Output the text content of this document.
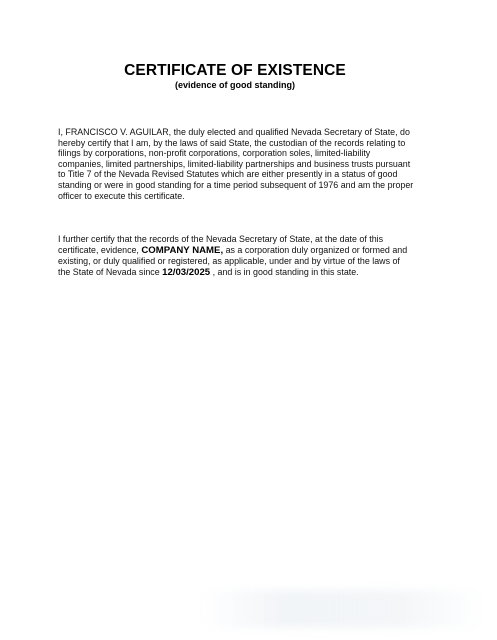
CERTIFICATE OF EXISTENCE
(evidence of good standing)

I, FRANCISCO V. AGUILAR, the duly elected and qualified Nevada Secretary of State, do hereby certify that I am, by the laws of said State, the custodian of the records relating to filings by corporations, non-profit corporations, corporation soles, limited-liability companies, limited partnerships, limited-liability partnerships and business trusts pursuant to Title 7 of the Nevada Revised Statutes which are either presently in a status of good standing or were in good standing for a time period subsequent of 1976 and am the proper officer to execute this certificate.

I further certify that the records of the Nevada Secretary of State, at the date of this certificate, evidence, COMPANY NAME, as a corporation duly organized or formed and existing, or duly qualified or registered, as applicable, under and by virtue of the laws of the State of Nevada since 12/03/2025 , and is in good standing in this state.
